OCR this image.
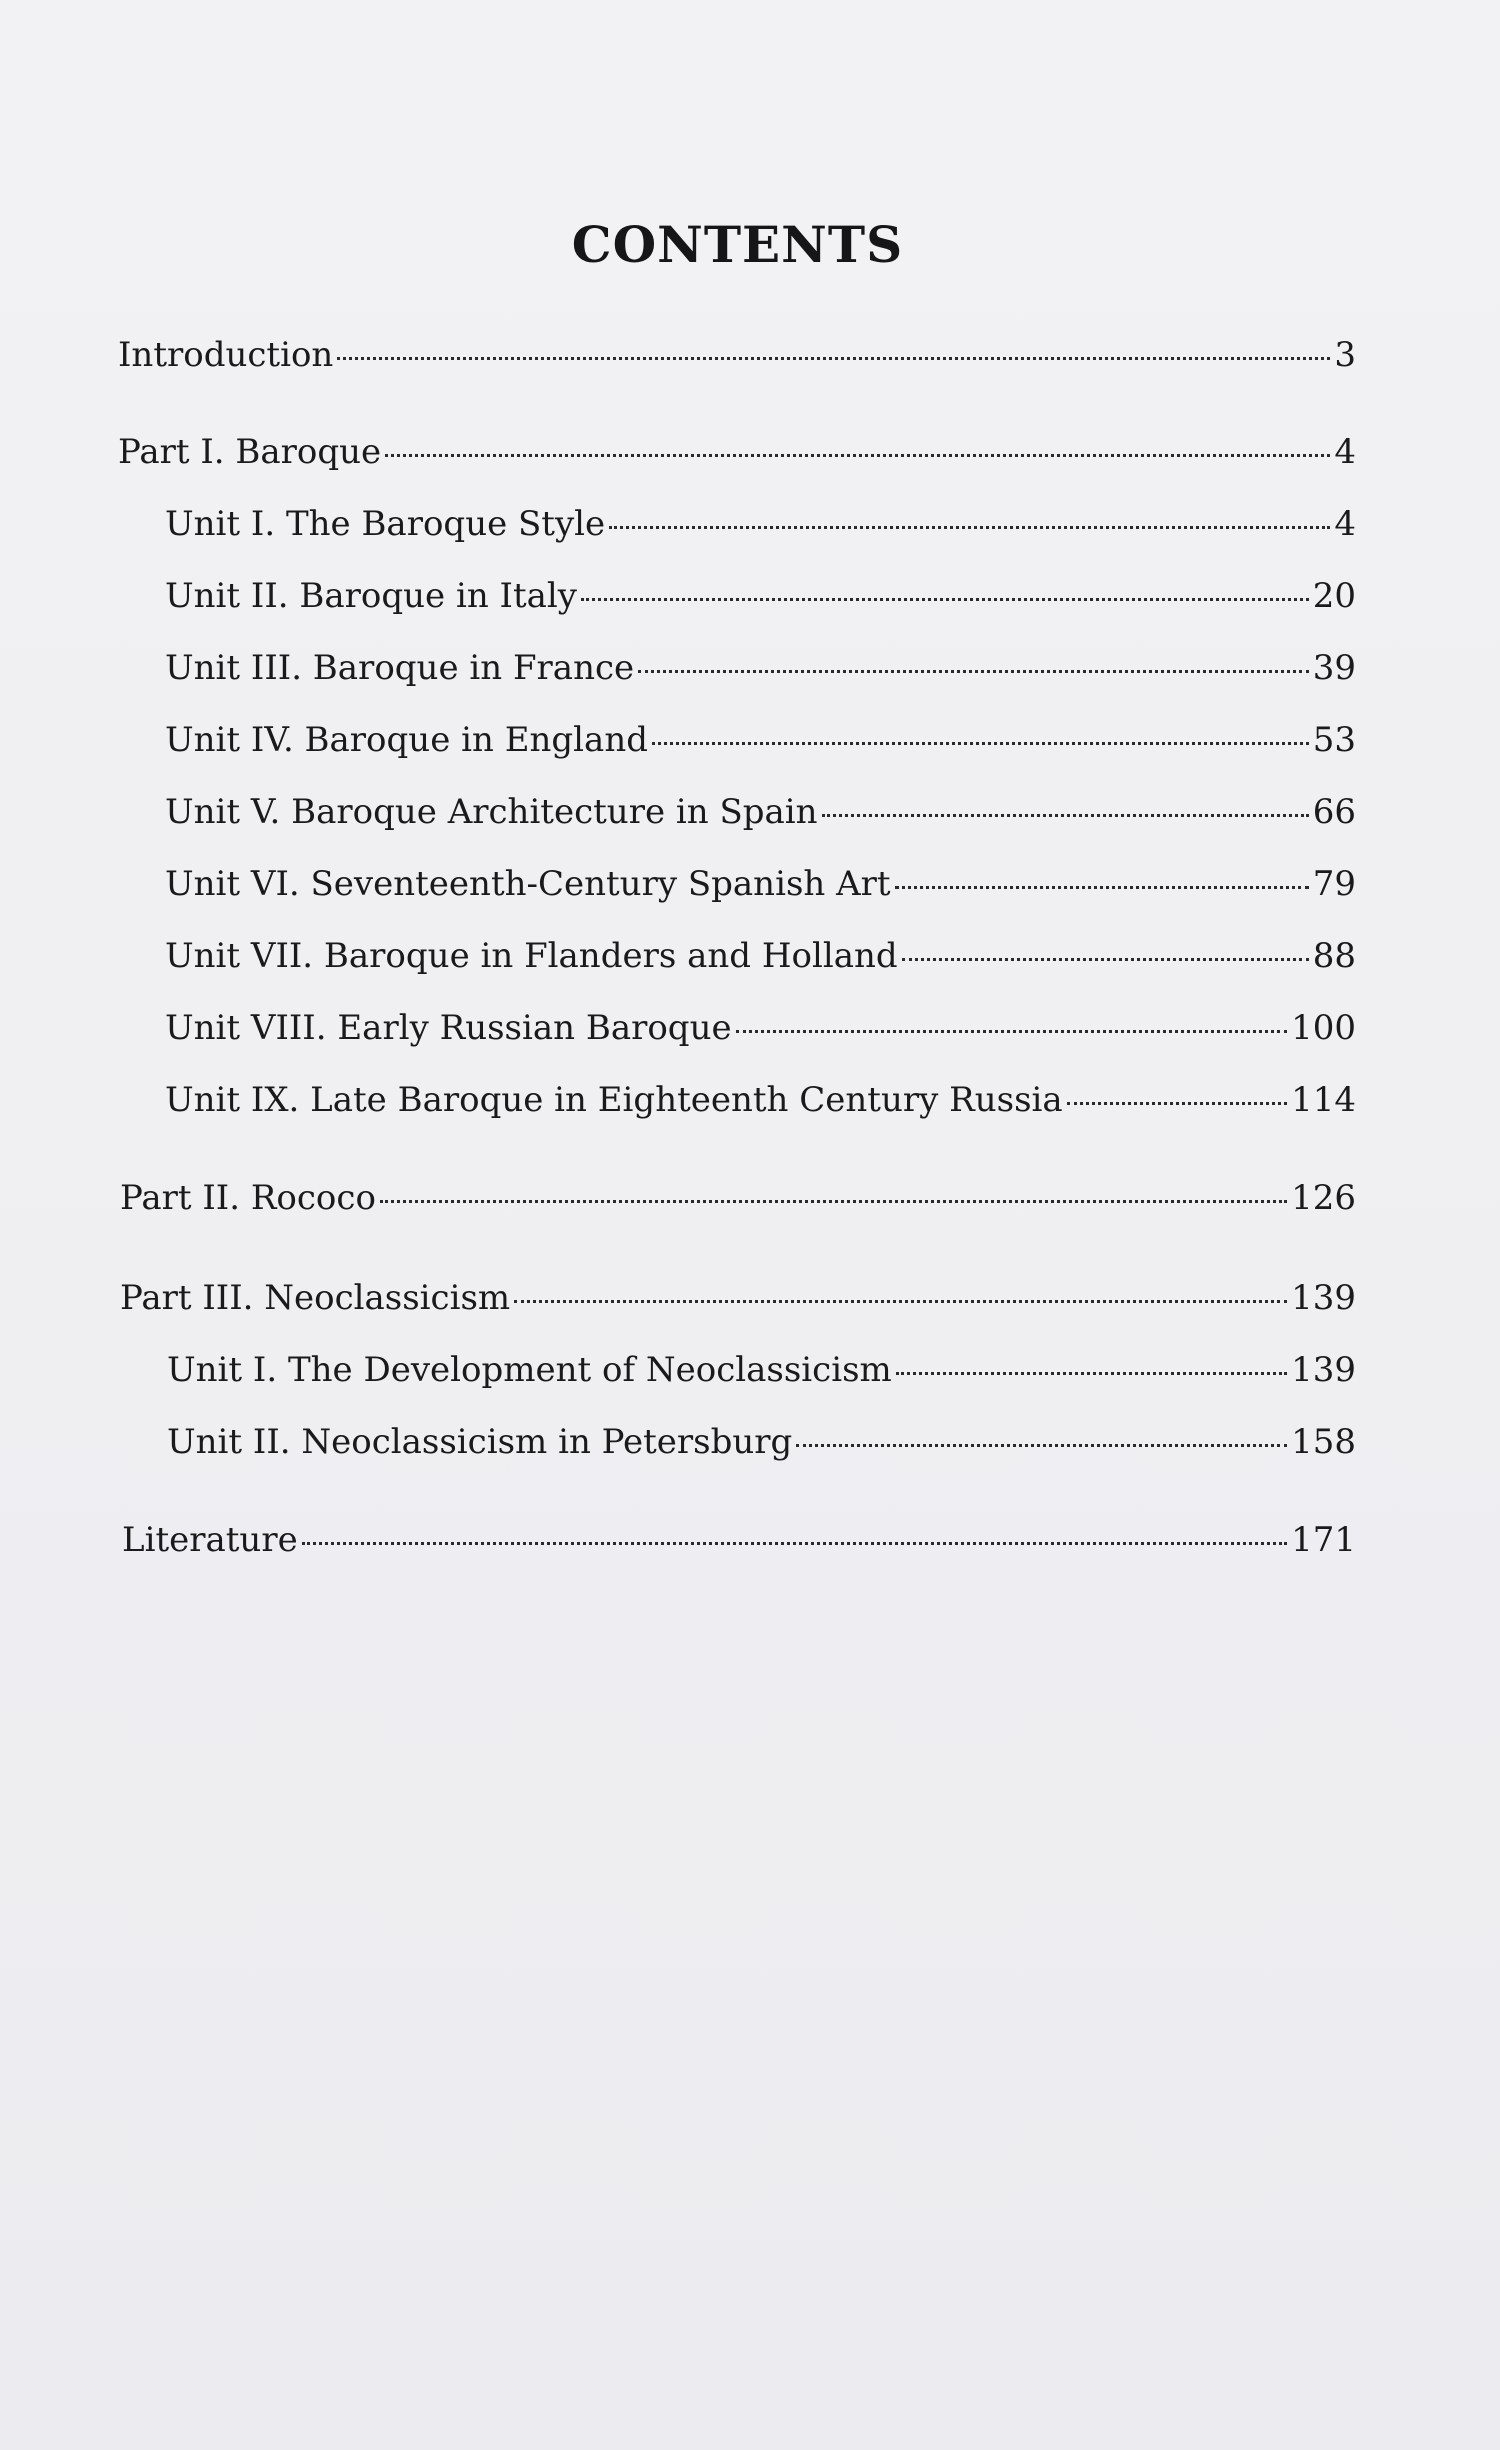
CONTENTS
Introduction	3
Part I. Baroque	4
Unit I. The Baroque Style	4
Unit II. Baroque in Italy	20
Unit III. Baroque in France	39
Unit IV. Baroque in England	53
Unit V. Baroque Architecture in Spain	66
Unit VI. Seventeenth-Century Spanish Art	79
Unit VII. Baroque in Flanders and Holland	88
Unit VIII. Early Russian Baroque	100
Unit IX. Late Baroque in Eighteenth Century Russia	114
Part II. Rococo	126
Part III. Neoclassicism	139
Unit I. The Development of Neoclassicism	139
Unit II. Neoclassicism in Petersburg	158
Literature	171
